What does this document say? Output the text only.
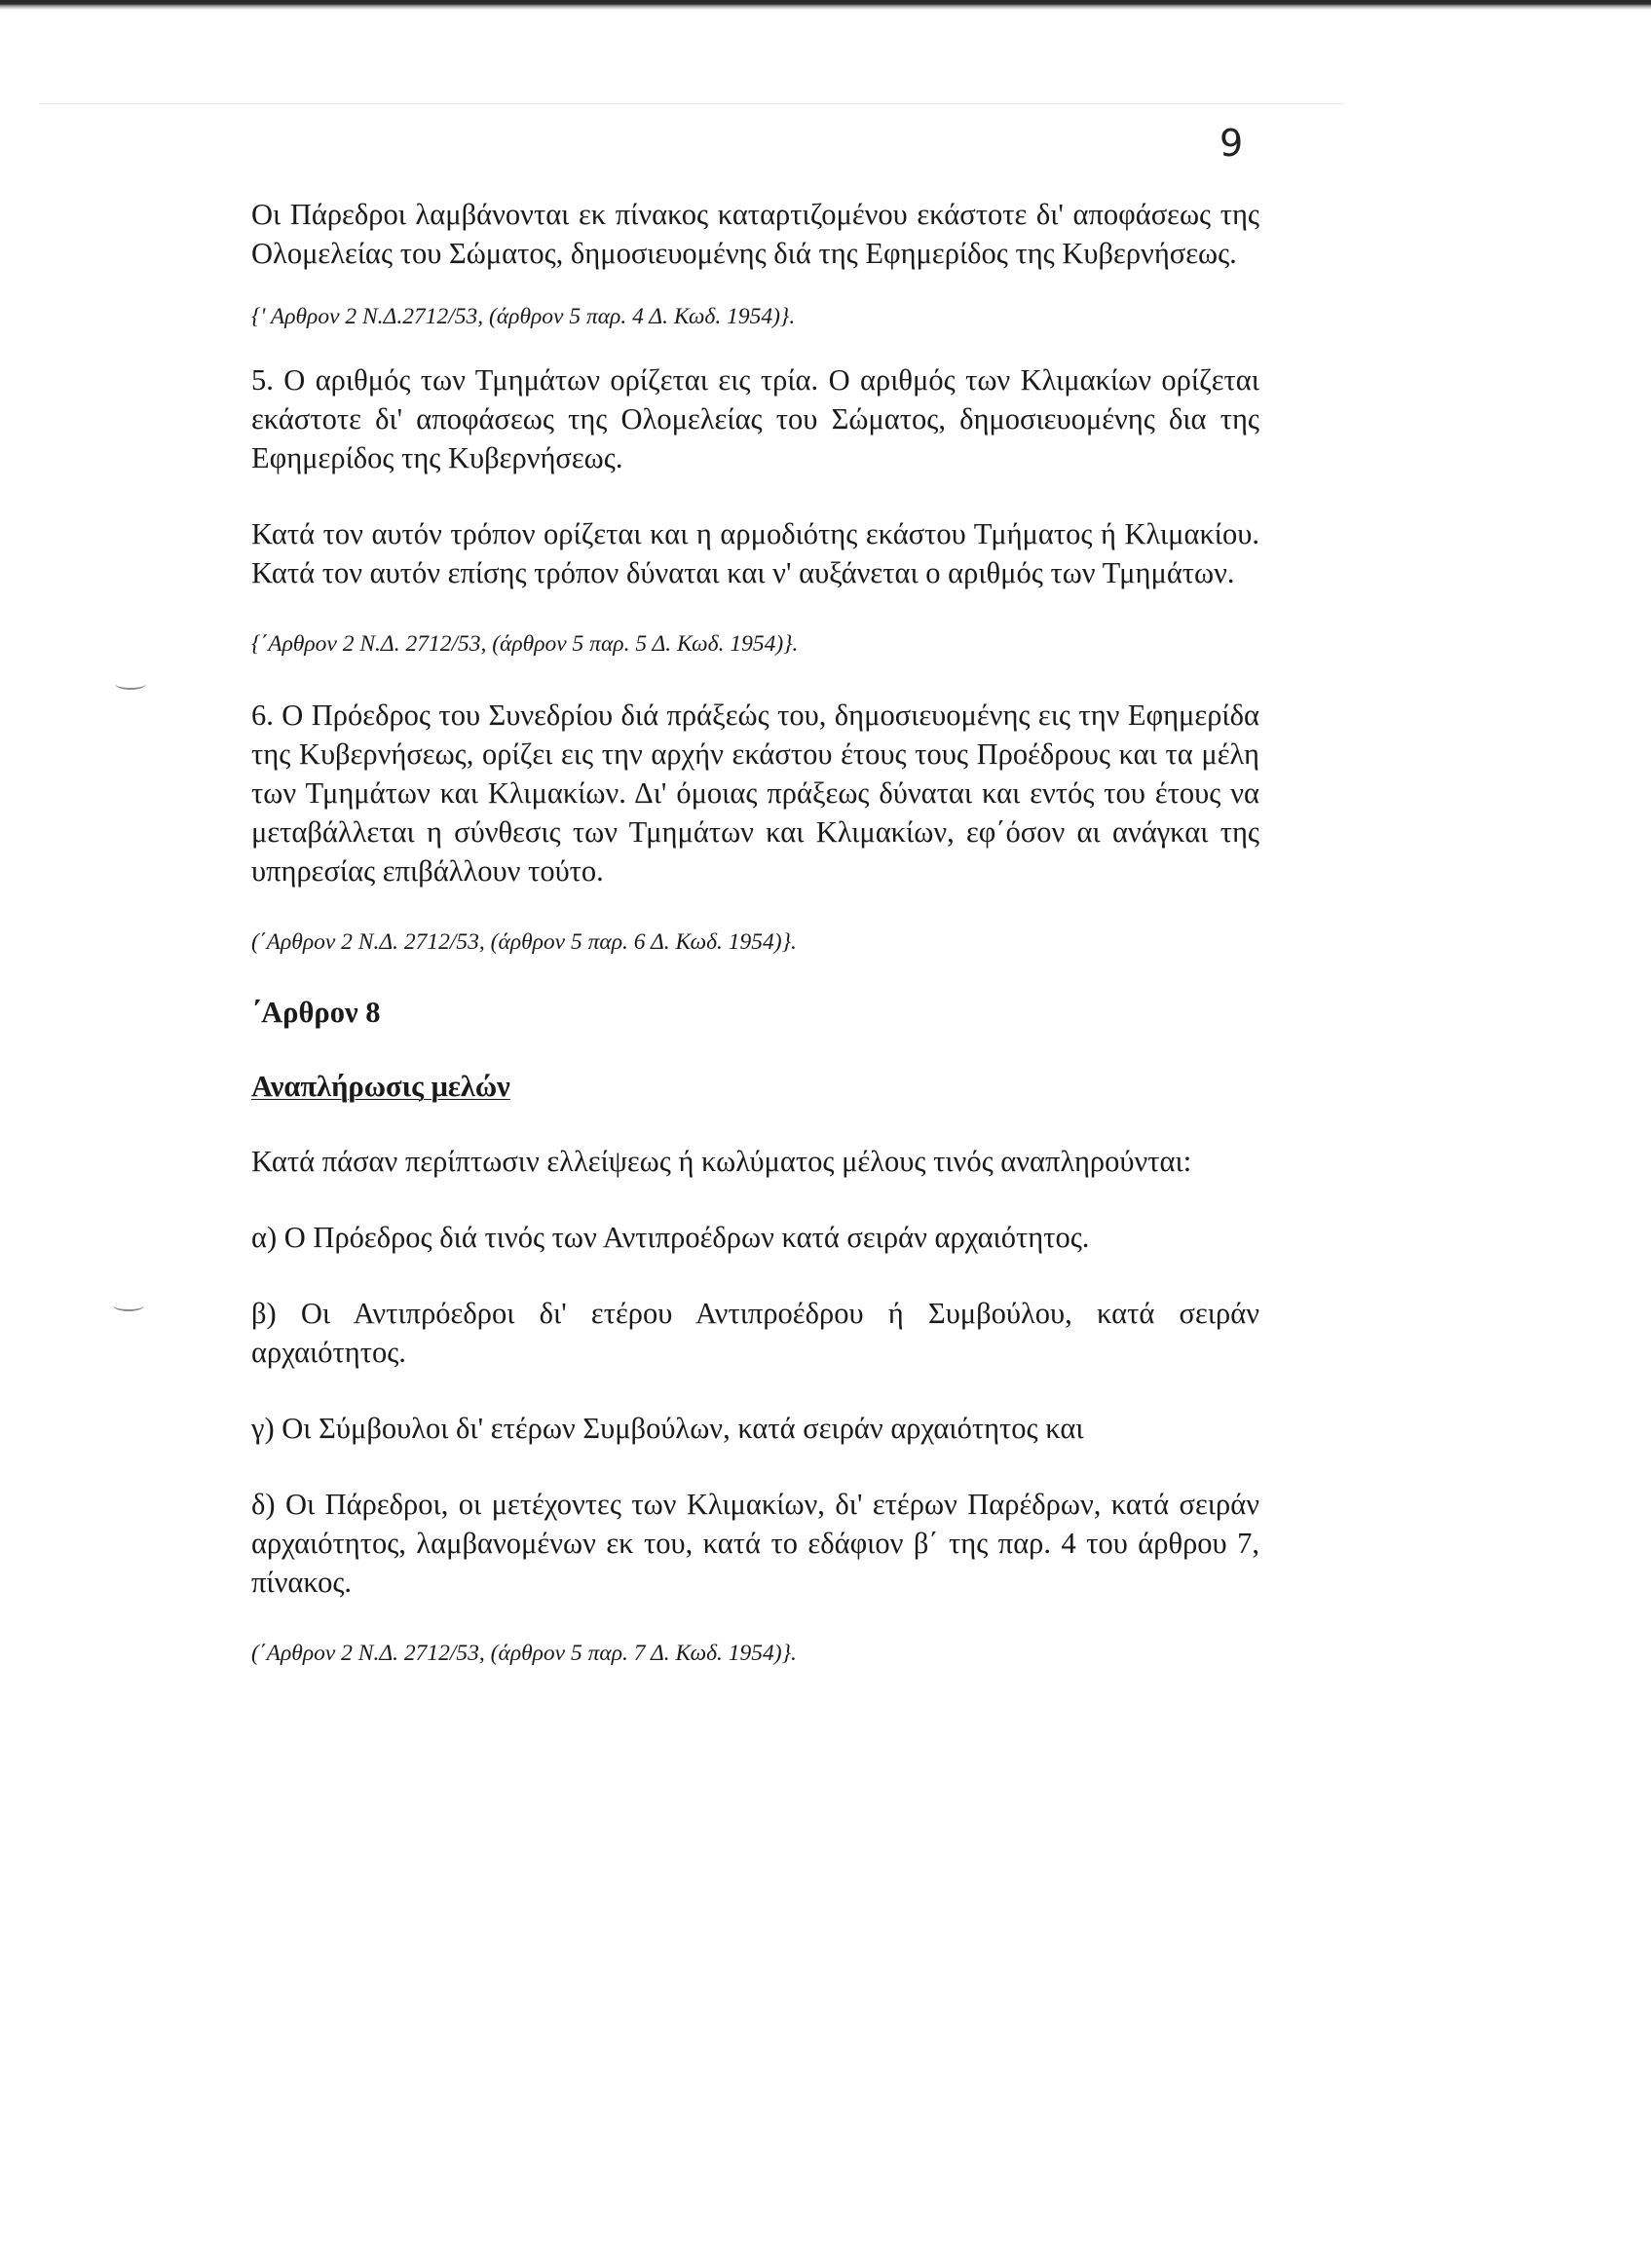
9

Οι Πάρεδροι λαμβάνονται εκ πίνακος καταρτιζομένου εκάστοτε δι' αποφάσεως της Ολομελείας του Σώματος, δημοσιευομένης διά της Εφημερίδος της Κυβερνήσεως.

{' Αρθρον 2 Ν.Δ.2712/53, (άρθρον 5 παρ. 4 Δ. Κωδ. 1954)}.

5. Ο αριθμός των Τμημάτων ορίζεται εις τρία. Ο αριθμός των Κλιμακίων ορίζεται εκάστοτε δι' αποφάσεως της Ολομελείας του Σώματος, δημοσιευομένης δια της Εφημερίδος της Κυβερνήσεως.

Κατά τον αυτόν τρόπον ορίζεται και η αρμοδιότης εκάστου Τμήματος ή Κλιμακίου. Κατά τον αυτόν επίσης τρόπον δύναται και ν' αυξάνεται ο αριθμός των Τμημάτων.

{΄Αρθρον 2 Ν.Δ. 2712/53, (άρθρον 5 παρ. 5 Δ. Κωδ. 1954)}.

6. Ο Πρόεδρος του Συνεδρίου διά πράξεώς του, δημοσιευομένης εις την Εφημερίδα της Κυβερνήσεως, ορίζει εις την αρχήν εκάστου έτους τους Προέδρους και τα μέλη των Τμημάτων και Κλιμακίων. Δι' όμοιας πράξεως δύναται και εντός του έτους να μεταβάλλεται η σύνθεσις των Τμημάτων και Κλιμακίων, εφ΄όσον αι ανάγκαι της υπηρεσίας επιβάλλουν τούτο.

(΄Αρθρον 2 Ν.Δ. 2712/53, (άρθρον 5 παρ. 6 Δ. Κωδ. 1954)}.

΄Αρθρον 8

Αναπλήρωσις μελών

Κατά πάσαν περίπτωσιν ελλείψεως ή κωλύματος μέλους τινός αναπληρούνται:

α) Ο Πρόεδρος διά τινός των Αντιπροέδρων κατά σειράν αρχαιότητος.

β) Οι Αντιπρόεδροι δι' ετέρου Αντιπροέδρου ή Συμβούλου, κατά σειράν αρχαιότητος.

γ) Οι Σύμβουλοι δι' ετέρων Συμβούλων, κατά σειράν αρχαιότητος και

δ) Οι Πάρεδροι, οι μετέχοντες των Κλιμακίων, δι' ετέρων Παρέδρων, κατά σειράν αρχαιότητος, λαμβανομένων εκ του, κατά το εδάφιον β΄ της παρ. 4 του άρθρου 7, πίνακος.

(΄Αρθρον 2 Ν.Δ. 2712/53, (άρθρον 5 παρ. 7 Δ. Κωδ. 1954)}.
